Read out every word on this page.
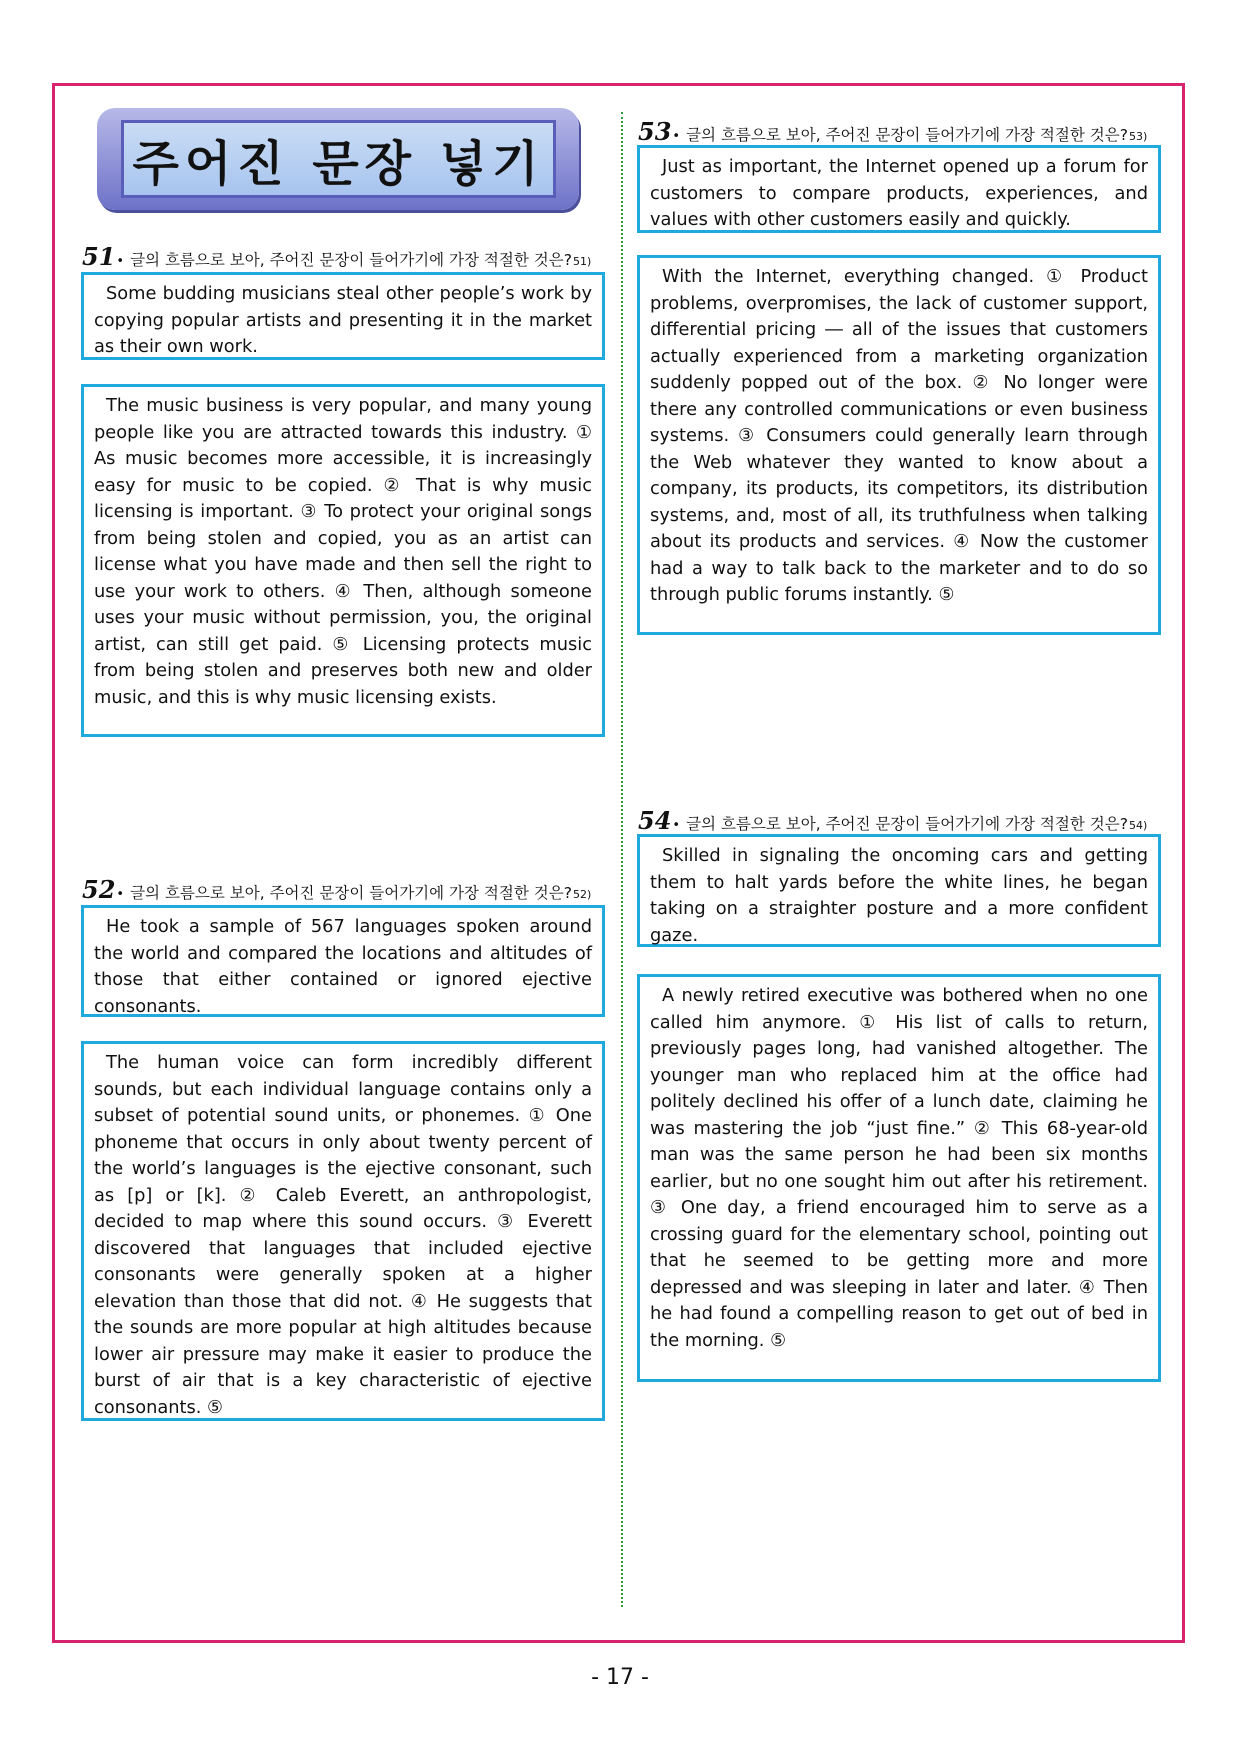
주어진 문장 넣기
51 • 글의 흐름으로 보아, 주어진 문장이 들어가기에 가장 적절한 것은? 51)

Some budding musicians steal other people’s work by copying popular artists and presenting it in the market as their own work.

The music business is very popular, and many young people like you are attracted towards this industry. ① As music becomes more accessible, it is increasingly easy for music to be copied. ② That is why music licensing is important. ③ To protect your original songs from being stolen and copied, you as an artist can license what you have made and then sell the right to use your work to others. ④ Then, although someone uses your music without permission, you, the original artist, can still get paid. ⑤ Licensing protects music from being stolen and preserves both new and older music, and this is why music licensing exists.

52 • 글의 흐름으로 보아, 주어진 문장이 들어가기에 가장 적절한 것은? 52)

He took a sample of 567 languages spoken around the world and compared the locations and altitudes of those that either contained or ignored ejective consonants.

The human voice can form incredibly different sounds, but each individual language contains only a subset of potential sound units, or phonemes. ① One phoneme that occurs in only about twenty percent of the world’s languages is the ejective consonant, such as [p] or [k]. ② Caleb Everett, an anthropologist, decided to map where this sound occurs. ③ Everett discovered that languages that included ejective consonants were generally spoken at a higher elevation than those that did not. ④ He suggests that the sounds are more popular at high altitudes because lower air pressure may make it easier to produce the burst of air that is a key characteristic of ejective consonants. ⑤

53 • 글의 흐름으로 보아, 주어진 문장이 들어가기에 가장 적절한 것은? 53)

Just as important, the Internet opened up a forum for customers to compare products, experiences, and values with other customers easily and quickly.

With the Internet, everything changed. ① Product problems, overpromises, the lack of customer support, differential pricing ― all of the issues that customers actually experienced from a marketing organization suddenly popped out of the box. ② No longer were there any controlled communications or even business systems. ③ Consumers could generally learn through the Web whatever they wanted to know about a company, its products, its competitors, its distribution systems, and, most of all, its truthfulness when talking about its products and services. ④ Now the customer had a way to talk back to the marketer and to do so through public forums instantly. ⑤

54 • 글의 흐름으로 보아, 주어진 문장이 들어가기에 가장 적절한 것은? 54)

Skilled in signaling the oncoming cars and getting them to halt yards before the white lines, he began taking on a straighter posture and a more confident gaze.

A newly retired executive was bothered when no one called him anymore. ① His list of calls to return, previously pages long, had vanished altogether. The younger man who replaced him at the office had politely declined his offer of a lunch date, claiming he was mastering the job “just fine.” ② This 68-year-old man was the same person he had been six months earlier, but no one sought him out after his retirement. ③ One day, a friend encouraged him to serve as a crossing guard for the elementary school, pointing out that he seemed to be getting more and more depressed and was sleeping in later and later. ④ Then he had found a compelling reason to get out of bed in the morning. ⑤

- 17 -
